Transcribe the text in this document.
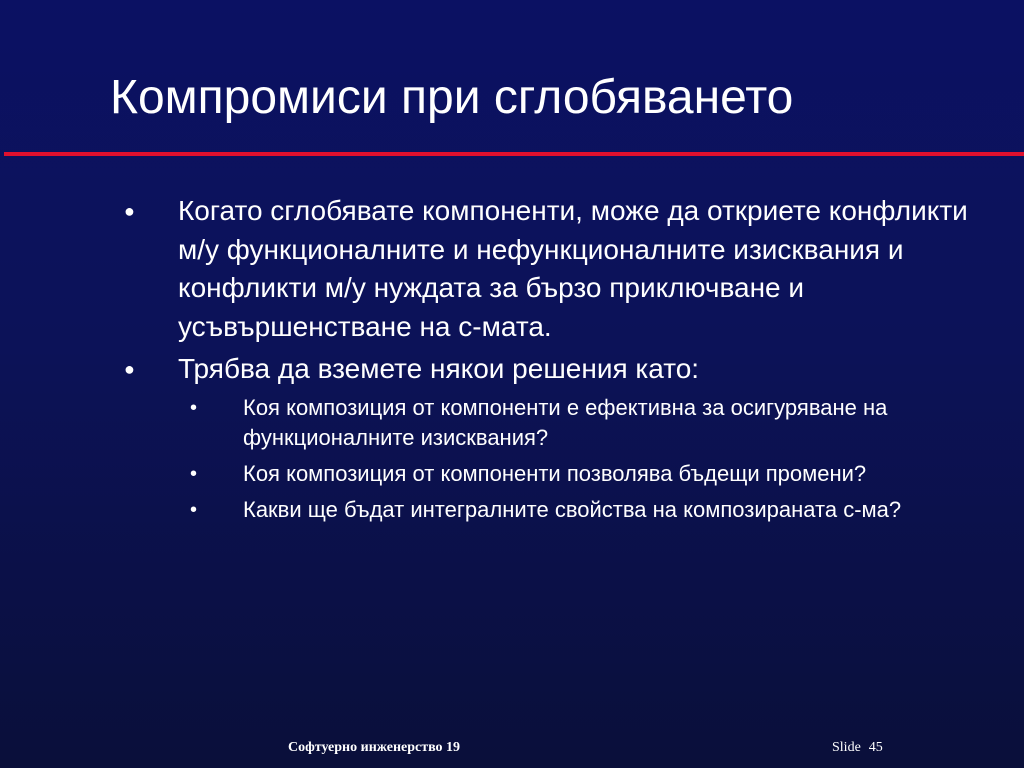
Компромиси при сглобяването
● Когато сглобявате компоненти, може да откриете конфликти м/у функционалните и нефункционалните изисквания и конфликти м/у нуждата за бързо приключване и усъвършенстване на с-мата.
● Трябва да вземете някои решения като:
• Коя композиция от компоненти е ефективна за осигуряване на функционалните изисквания?
• Коя композиция от компоненти позволява бъдещи промени?
• Какви ще бъдат интегралните свойства на композираната с-ма?
Софтуерно инженерство 19	Slide 45
